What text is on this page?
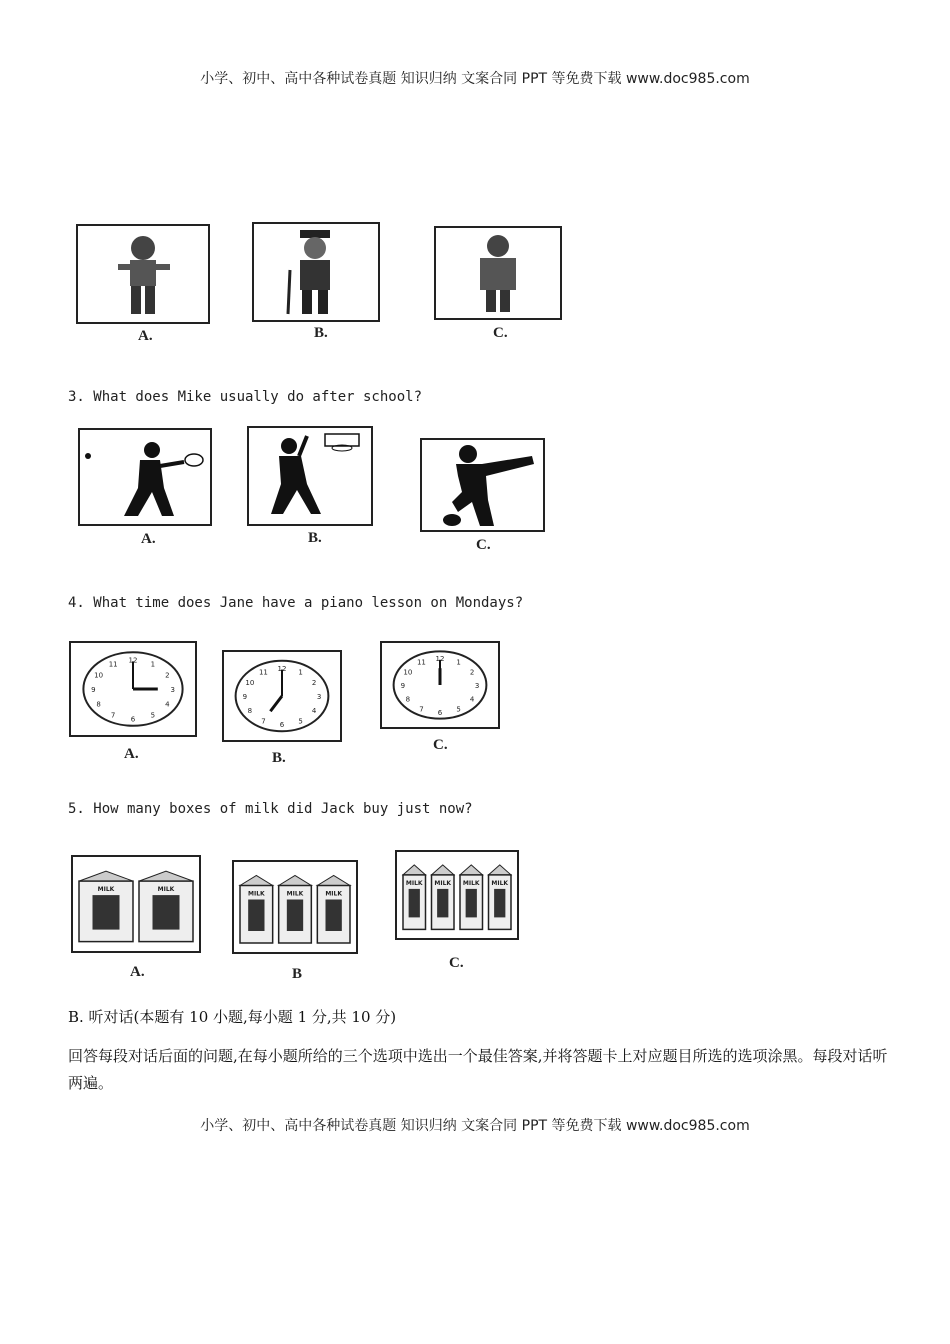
小学、初中、高中各种试卷真题 知识归纳 文案合同 PPT 等免费下载 www.doc985.com
A.	B.	C.
3. What does Mike usually do after school?
A.	B.	C.
4. What time does Jane have a piano lesson on Mondays?
1
2
3
4
5
6
7
8
9
10
11 12
1
2
3
4
5
6
7
8
9
10
11 12
1
2
3
4
5
6
7
8
9
10
11 12
A.	B.
C.
5. How many boxes of milk did Jack buy just now?
MILK	MILK
MILK	MILK	MILK
MILK MILK MILK MILK
A.	B
C.
B. 听对话(本题有 10 小题,每小题 1 分,共 10 分)
回答每段对话后面的问题,在每小题所给的三个选项中选出一个最佳答案,并将答题卡上对应题目所选的选项涂黑。每段对话听两遍。
小学、初中、高中各种试卷真题 知识归纳 文案合同 PPT 等免费下载 www.doc985.com
